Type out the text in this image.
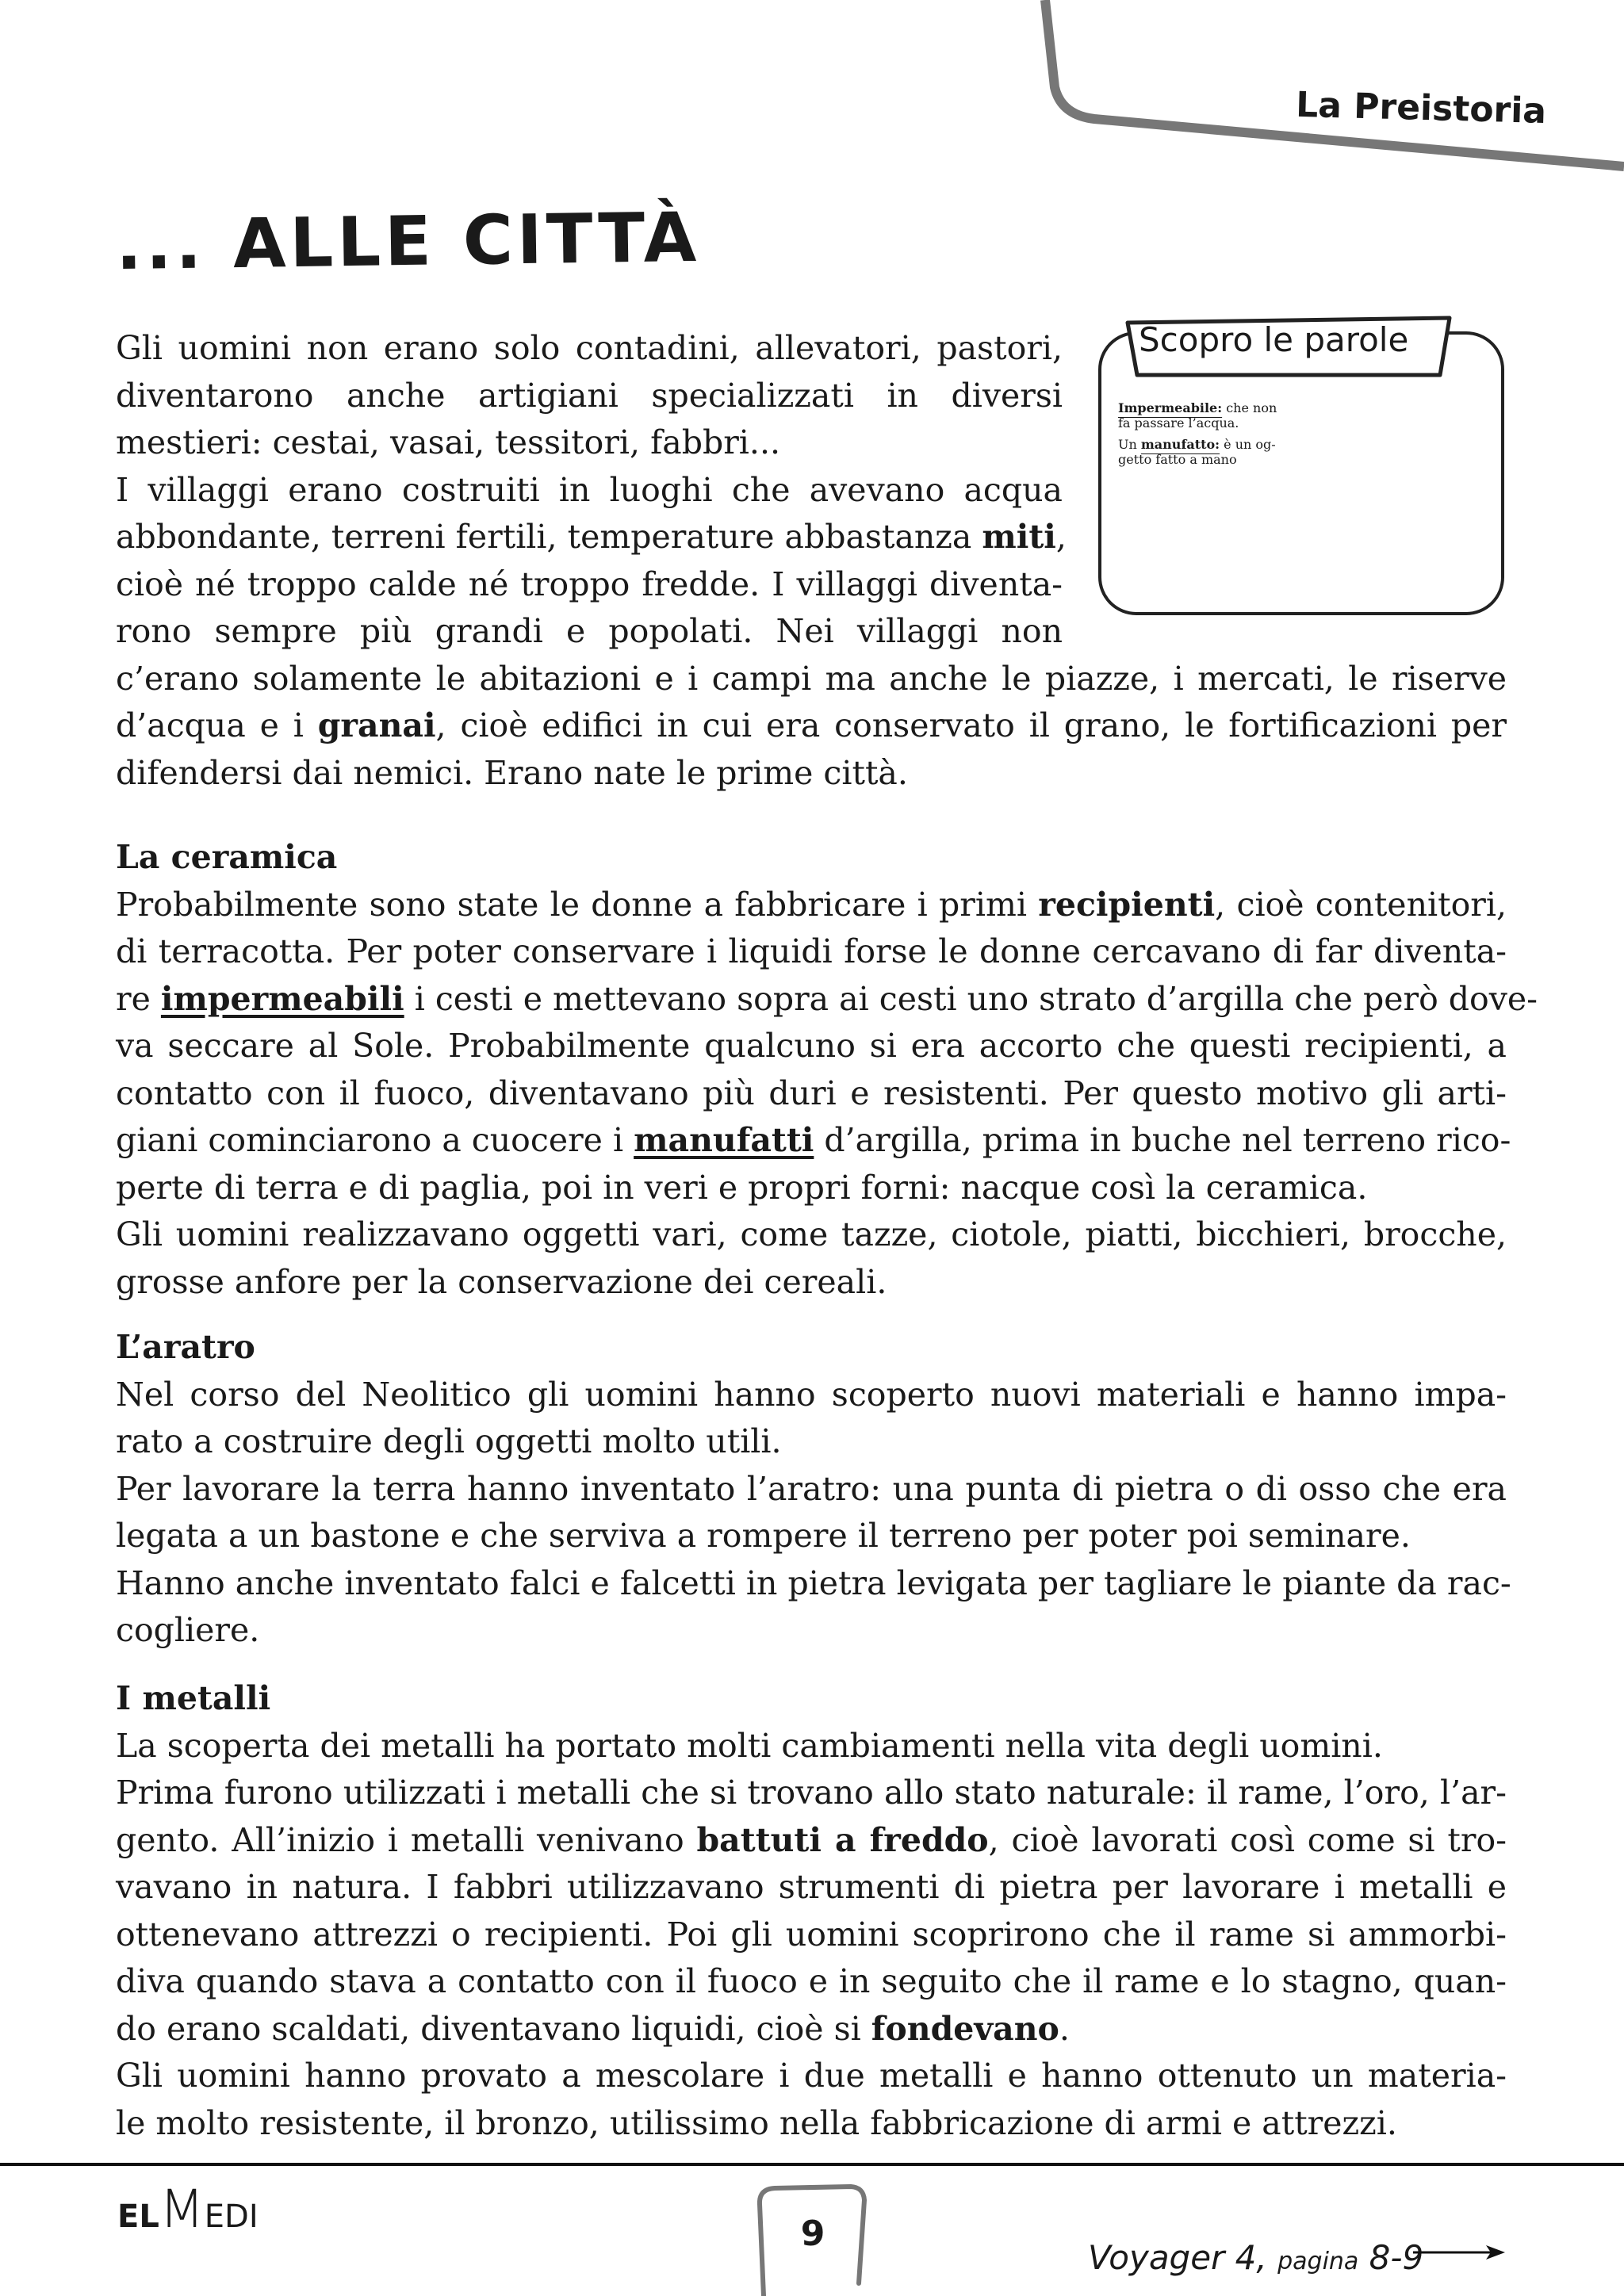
La Preistoria
... ALLE CITTÀ
Scopro le parole
Impermeabile: che non
fa passare l’acqua.
Un manufatto: è un og-
getto fatto a mano
Gli uomini non erano solo contadini, allevatori, pastori,
diventarono anche artigiani specializzati in diversi
mestieri: cestai, vasai, tessitori, fabbri...
I villaggi erano costruiti in luoghi che avevano acqua
abbondante, terreni fertili, temperature abbastanza miti,
cioè né troppo calde né troppo fredde. I villaggi diventa-
rono sempre più grandi e popolati. Nei villaggi non
c’erano solamente le abitazioni e i campi ma anche le piazze, i mercati, le riserve
d’acqua e i granai, cioè edifici in cui era conservato il grano, le fortificazioni per
difendersi dai nemici. Erano nate le prime città.
La ceramica
Probabilmente sono state le donne a fabbricare i primi recipienti, cioè contenitori,
di terracotta. Per poter conservare i liquidi forse le donne cercavano di far diventa-
re impermeabili i cesti e mettevano sopra ai cesti uno strato d’argilla che però dove-
va seccare al Sole. Probabilmente qualcuno si era accorto che questi recipienti, a
contatto con il fuoco, diventavano più duri e resistenti. Per questo motivo gli arti-
giani cominciarono a cuocere i manufatti d’argilla, prima in buche nel terreno rico-
perte di terra e di paglia, poi in veri e propri forni: nacque così la ceramica.
Gli uomini realizzavano oggetti vari, come tazze, ciotole, piatti, bicchieri, brocche,
grosse anfore per la conservazione dei cereali.
L’aratro
Nel corso del Neolitico gli uomini hanno scoperto nuovi materiali e hanno impa-
rato a costruire degli oggetti molto utili.
Per lavorare la terra hanno inventato l’aratro: una punta di pietra o di osso che era
legata a un bastone e che serviva a rompere il terreno per poter poi seminare.
Hanno anche inventato falci e falcetti in pietra levigata per tagliare le piante da rac-
cogliere.
I metalli
La scoperta dei metalli ha portato molti cambiamenti nella vita degli uomini.
Prima furono utilizzati i metalli che si trovano allo stato naturale: il rame, l’oro, l’ar-
gento. All’inizio i metalli venivano battuti a freddo, cioè lavorati così come si tro-
vavano in natura. I fabbri utilizzavano strumenti di pietra per lavorare i metalli e
ottenevano attrezzi o recipienti. Poi gli uomini scoprirono che il rame si ammorbi-
diva quando stava a contatto con il fuoco e in seguito che il rame e lo stagno, quan-
do erano scaldati, diventavano liquidi, cioè si fondevano.
Gli uomini hanno provato a mescolare i due metalli e hanno ottenuto un materia-
le molto resistente, il bronzo, utilissimo nella fabbricazione di armi e attrezzi.
ELMEDI	9
Voyager 4, pagina 8-9
